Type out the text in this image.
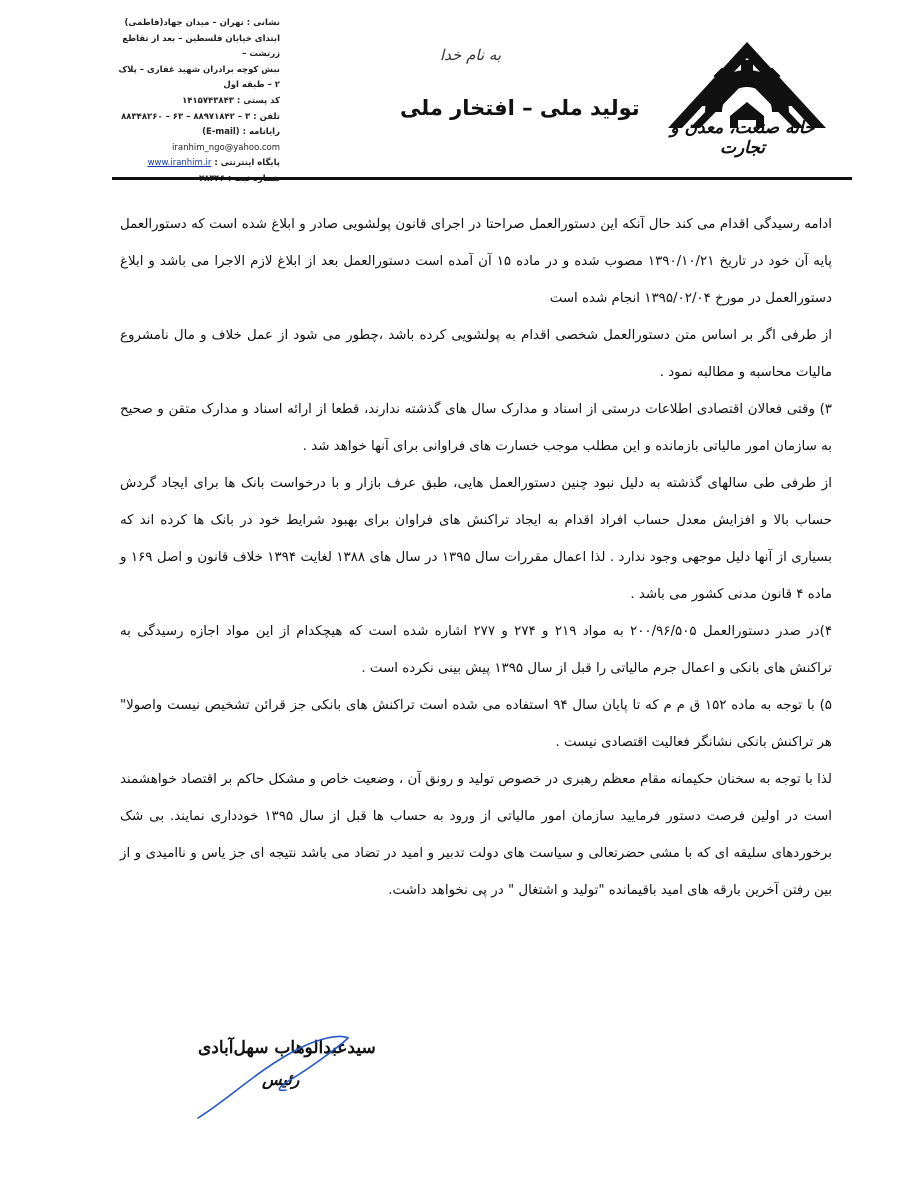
نشانی : تهران – میدان جهاد(فاطمی)
ابتدای خیابان فلسطین – بعد از تقاطع زرتشت –
نبش کوچه برادران شهید غفاری – پلاک ۲ – طبقه اول
کد پستی : ۱۴۱۵۷۴۳۸۴۳
تلفن : ۳ – ۸۸۹۷۱۸۴۲ – ۶۳ – ۸۸۳۴۸۲۶۰
رایانامه : (E-mail) iranhim_ngo@yahoo.com
پایگاه اینترنتی : www.iranhim.ir
به نام خدا
تولید ملی – افتخار ملی
خانه صنعت، معدن و تجارت

ادامه رسیدگی اقدام می کند حال آنکه این دستورالعمل صراحتا در اجرای قانون پولشویی صادر و ابلاغ شده است که دستورالعمل پایه آن خود در تاریخ ۱۳۹۰/۱۰/۲۱ مصوب شده و در ماده ۱۵ آن آمده است دستورالعمل بعد از ابلاغ لازم الاجرا می باشد و ابلاغ دستورالعمل در مورخ ۱۳۹۵/۰۲/۰۴ انجام شده است

از طرفی اگر بر اساس متن دستورالعمل شخصی اقدام به پولشویی کرده باشد ،چطور می شود از عمل خلاف و مال نامشروع مالیات محاسبه و مطالبه نمود .

۳) وقتی فعالان اقتصادی اطلاعات درستی از اسناد و مدارک سال های گذشته ندارند، قطعا از ارائه اسناد و مدارک متقن و صحیح به سازمان امور مالیاتی بازمانده و این مطلب موجب خسارت های فراوانی برای آنها خواهد شد .

از طرفی طی سالهای گذشته به دلیل نبود چنین دستورالعمل هایی، طبق عرف بازار و با درخواست بانک ها برای ایجاد گردش حساب بالا و افزایش معدل حساب افراد اقدام به ایجاد تراکنش های فراوان برای بهبود شرایط خود در بانک ها کرده اند که بسیاری از آنها دلیل موجهی وجود ندارد . لذا اعمال مقررات سال ۱۳۹۵ در سال های ۱۳۸۸ لغایت ۱۳۹۴ خلاف قانون و اصل ۱۶۹ و ماده ۴ قانون مدنی کشور می باشد .

۴)در صدر دستورالعمل ۲۰۰/۹۶/۵۰۵ به مواد ۲۱۹ و ۲۷۴ و ۲۷۷ اشاره شده است که هیچکدام از این مواد اجازه رسیدگی به تراکنش های بانکی و اعمال جرم مالیاتی را قبل از سال ۱۳۹۵ پیش بینی نکرده است .

۵) با توجه به ماده ۱۵۲ ق م م که تا پایان سال ۹۴ استفاده می شده است تراکنش های بانکی جز قرائن تشخیص نیست واصولا" هر تراکنش بانکی نشانگر فعالیت اقتصادی نیست .

لذا با توجه به سخنان حکیمانه مقام معظم رهبری در خصوص تولید و رونق آن ، وضعیت خاص و مشکل حاکم بر اقتصاد خواهشمند است در اولین فرصت دستور فرمایید سازمان امور مالیاتی از ورود به حساب ها قبل از سال ۱۳۹۵ خودداری نمایند. بی شک برخوردهای سلیقه ای که با مشی حضرتعالی و سیاست های دولت تدبیر و امید در تضاد می باشد نتیجه ای جز یاس و ناامیدی و از بین رفتن آخرین بارقه های امید باقیمانده "تولید و اشتغال " در پی نخواهد داشت.

سیدعبدالوهاب سهل‌آبادی
رئیس
